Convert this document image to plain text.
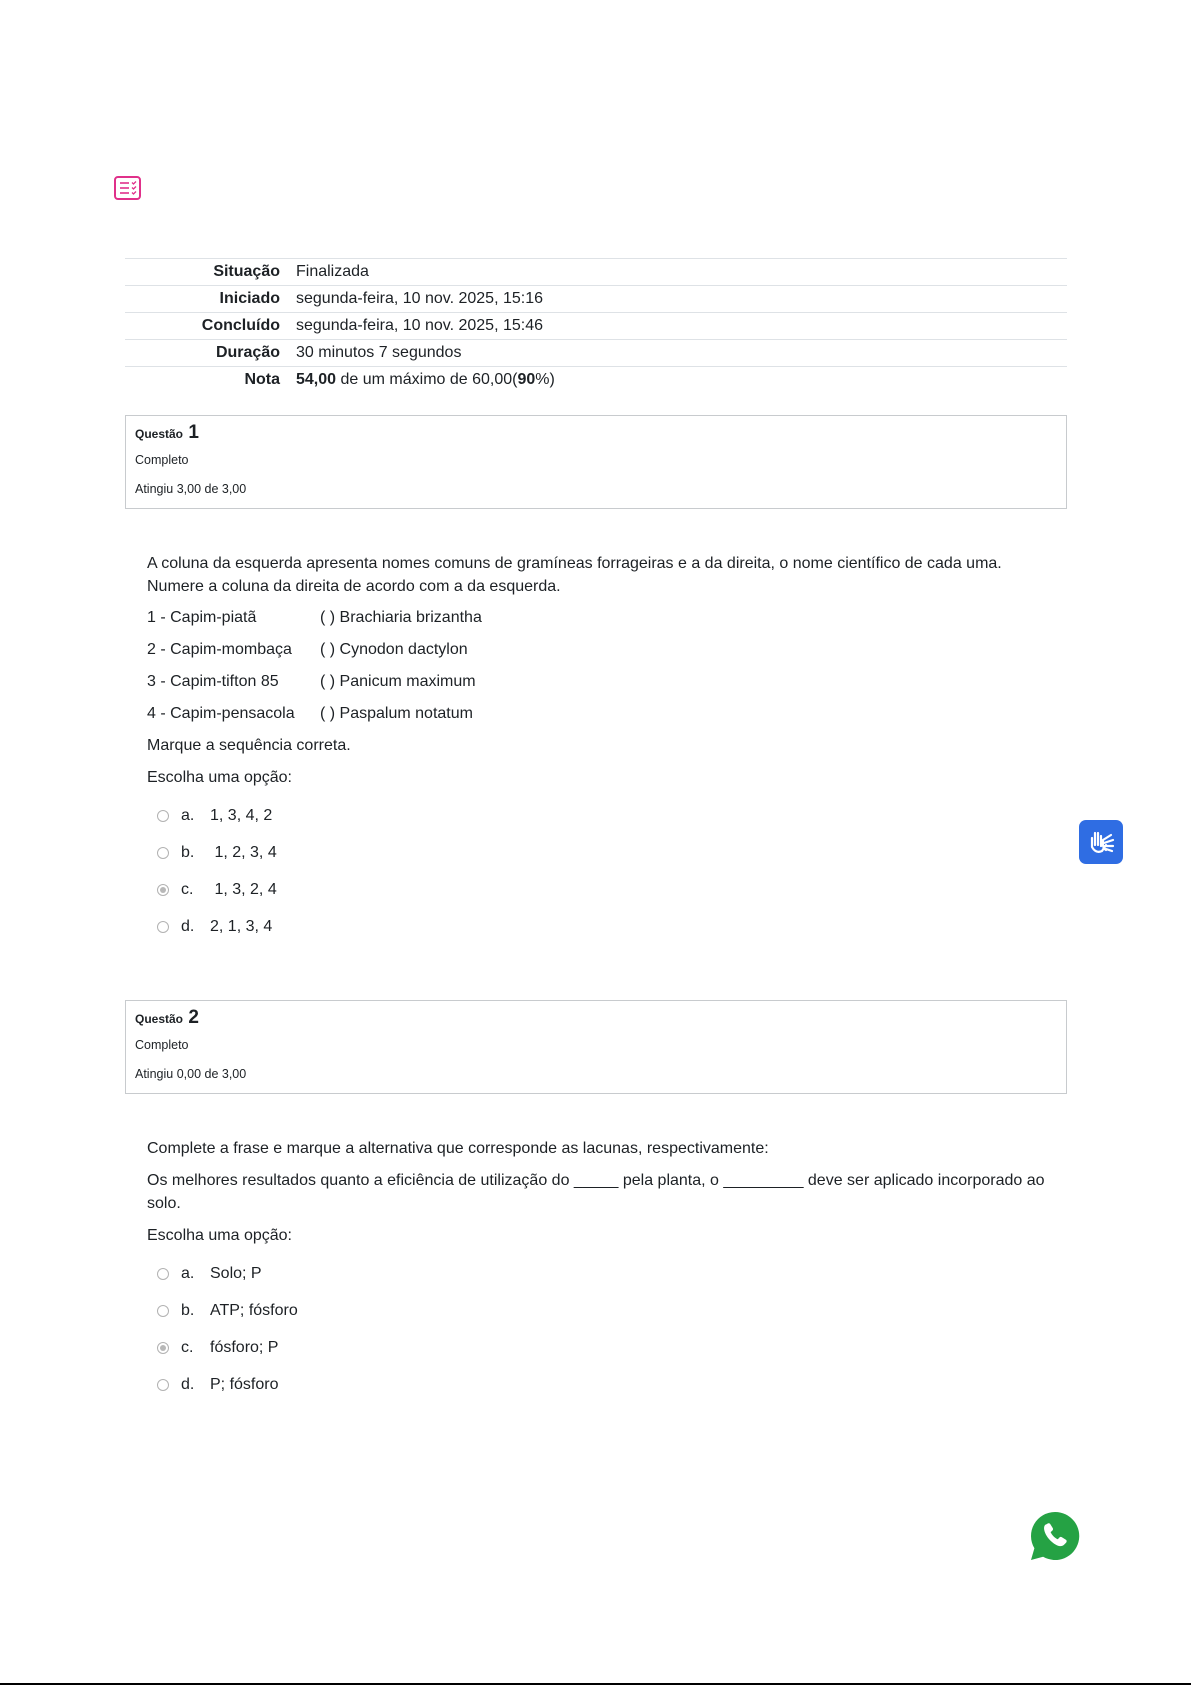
Situação	Finalizada
Iniciado	segunda-feira, 10 nov. 2025, 15:16
Concluído	segunda-feira, 10 nov. 2025, 15:46
Duração	30 minutos 7 segundos
Nota	54,00 de um máximo de 60,00(90%)
Questão 1
Completo
Atingiu 3,00 de 3,00

A coluna da esquerda apresenta nomes comuns de gramíneas forrageiras e a da direita, o nome científico de cada uma. Numere a coluna da direita de acordo com a da esquerda.

1 - Capim-piatã	( ) Brachiaria brizantha
2 - Capim-mombaça	( ) Cynodon dactylon
3 - Capim-tifton 85	( ) Panicum maximum
4 - Capim-pensacola	( ) Paspalum notatum

Marque a sequência correta.

Escolha uma opção:

a. 1, 3, 4, 2
b. 1, 2, 3, 4
c.	1, 3, 2, 4
d. 2, 1, 3, 4
Questão 2
Completo
Atingiu 0,00 de 3,00

Complete a frase e marque a alternativa que corresponde as lacunas, respectivamente:

Os melhores resultados quanto a eficiência de utilização do _____ pela planta, o _________ deve ser aplicado incorporado ao solo.

Escolha uma opção:

a. Solo; P
b. ATP; fósforo
c.	fósforo; P
d. P; fósforo
